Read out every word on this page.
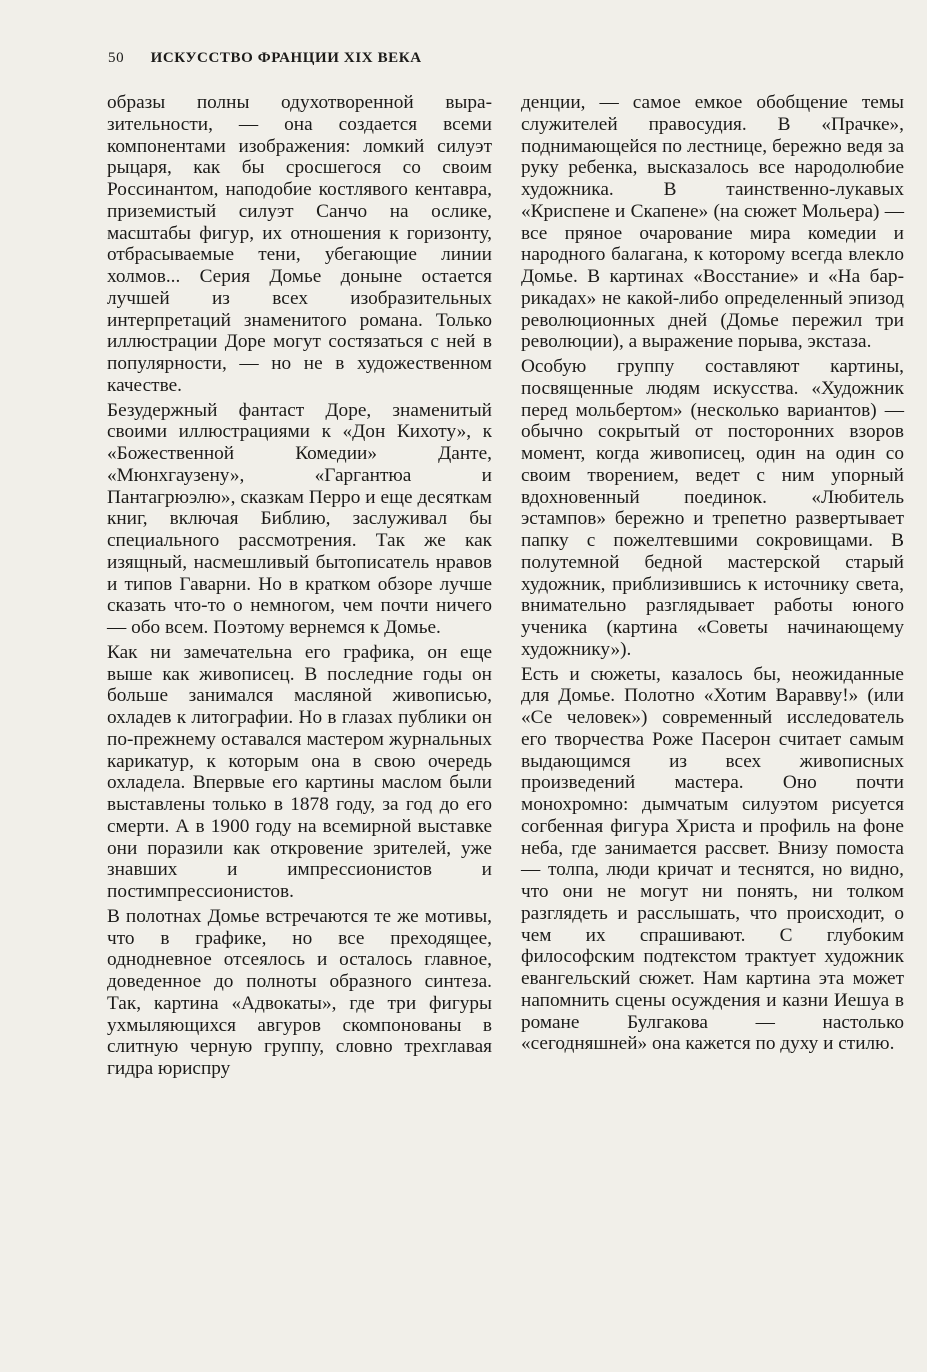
50 ИСКУССТВО ФРАНЦИИ XIX ВЕКА

образы полны одухотворенной выразительности, — она создается всеми компонентами изображения: ломкий силуэт рыцаря, как бы сросшегося со своим Россинантом, наподобие костлявого кентавра, приземистый силуэт Санчо на ослике, масштабы фигур, их отношения к горизонту, отбрасываемые тени, убегающие линии холмов... Серия Домье доныне остается лучшей из всех изобразительных интерпретаций знаменитого романа. Только иллюстрации Доре могут состязаться с ней в популярности, — но не в художественном качестве.

Безудержный фантаст Доре, знаменитый своими иллюстрациями к «Дон Кихоту», к «Божественной Комедии» Данте, «Мюнхгаузену», «Гаргантюа и Пантагрюэлю», сказкам Перро и еще десяткам книг, включая Библию, заслуживал бы специального рассмотрения. Так же как изящный, насмешливый бытописатель нравов и типов Гаварни. Но в кратком обзоре лучше сказать что-то о немногом, чем почти ничего — обо всем. Поэтому вернемся к Домье.

Как ни замечательна его графика, он еще выше как живописец. В последние годы он больше занимался масляной живописью, охладев к литографии. Но в глазах публики он по-прежнему оставался мастером журнальных карикатур, к которым она в свою очередь охладела. Впервые его картины маслом были выставлены только в 1878 году, за год до его смерти. А в 1900 году на всемирной выставке они поразили как откровение зрителей, уже знавших и импрессионистов и постимпрессионистов.

В полотнах Домье встречаются те же мотивы, что в графике, но все преходящее, однодневное отсеялось и осталось главное, доведенное до полноты образного синтеза. Так, картина «Адвокаты», где три фигуры ухмыляющихся авгуров скомпонованы в слитную черную группу, словно трехглавая гидра юриспру

денции, — самое емкое обобщение темы служителей правосудия. В «Прачке», поднимающейся по лестнице, бережно ведя за руку ребенка, высказалось все народолюбие художника. В таинственно-лукавых «Криспене и Скапене» (на сюжет Мольера) — все пряное очарование мира комедии и народного балагана, к которому всегда влекло Домье. В картинах «Восстание» и «На баррикадах» не какой-либо определенный эпизод революционных дней (Домье пережил три революции), а выражение порыва, экстаза.

Особую группу составляют картины, посвященные людям искусства. «Художник перед мольбертом» (несколько вариантов) — обычно сокрытый от посторонних взоров момент, когда живописец, один на один со своим творением, ведет с ним упорный вдохновенный поединок. «Любитель эстампов» бережно и трепетно развертывает папку с пожелтевшими сокровищами. В полутемной бедной мастерской старый художник, приблизившись к источнику света, внимательно разглядывает работы юного ученика (картина «Советы начинающему художнику»).

Есть и сюжеты, казалось бы, неожиданные для Домье. Полотно «Хотим Варавву!» (или «Се человек») современный исследователь его творчества Роже Пасерон считает самым выдающимся из всех живописных произведений мастера. Оно почти монохромно: дымчатым силуэтом рисуется согбенная фигура Христа и профиль на фоне неба, где занимается рассвет. Внизу помоста — толпа, люди кричат и теснятся, но видно, что они не могут ни понять, ни толком разглядеть и расслышать, что происходит, о чем их спрашивают. С глубоким философским подтекстом трактует художник евангельский сюжет. Нам картина эта может напомнить сцены осуждения и казни Иешуа в романе Булгакова — настолько «сегодняшней» она кажется по духу и стилю.
